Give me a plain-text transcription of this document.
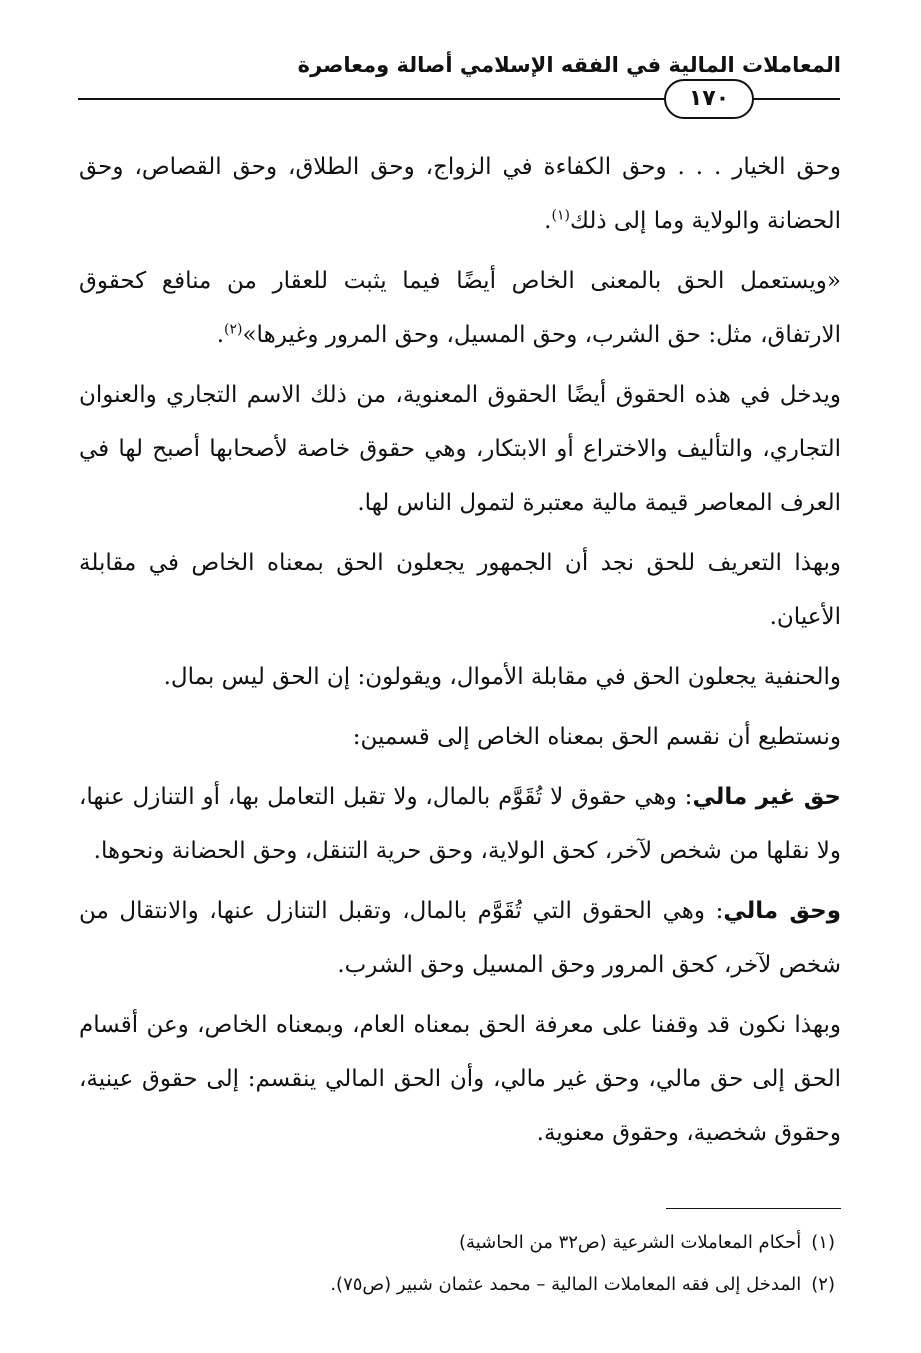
المعاملات المالية في الفقه الإسلامي أصالة ومعاصرة
١٧٠

وحق الخيار . . . وحق الكفاءة في الزواج، وحق الطلاق، وحق القصاص، وحق الحضانة والولاية وما إلى ذلك$^{(١)}$.

«ويستعمل الحق بالمعنى الخاص أيضًا فيما يثبت للعقار من منافع كحقوق الارتفاق، مثل: حق الشرب، وحق المسيل، وحق المرور وغيرها»$^{(٢)}$.

ويدخل في هذه الحقوق أيضًا الحقوق المعنوية، من ذلك الاسم التجاري والعنوان التجاري، والتأليف والاختراع أو الابتكار، وهي حقوق خاصة لأصحابها أصبح لها في العرف المعاصر قيمة مالية معتبرة لتمول الناس لها.

وبهذا التعريف للحق نجد أن الجمهور يجعلون الحق بمعناه الخاص في مقابلة الأعيان.

والحنفية يجعلون الحق في مقابلة الأموال، ويقولون: إن الحق ليس بمال.

ونستطيع أن نقسم الحق بمعناه الخاص إلى قسمين:

حق غير مالي: وهي حقوق لا تُقَوَّم بالمال، ولا تقبل التعامل بها، أو التنازل عنها، ولا نقلها من شخص لآخر، كحق الولاية، وحق حرية التنقل، وحق الحضانة ونحوها.

وحق مالي: وهي الحقوق التي تُقَوَّم بالمال، وتقبل التنازل عنها، والانتقال من شخص لآخر، كحق المرور وحق المسيل وحق الشرب.

وبهذا نكون قد وقفنا على معرفة الحق بمعناه العام، وبمعناه الخاص، وعن أقسام الحق إلى حق مالي، وحق غير مالي، وأن الحق المالي ينقسم: إلى حقوق عينية، وحقوق شخصية، وحقوق معنوية.

(١)أحكام المعاملات الشرعية (ص٣٢ من الحاشية)
(٢)المدخل إلى فقه المعاملات المالية – محمد عثمان شبير (ص٧٥).
